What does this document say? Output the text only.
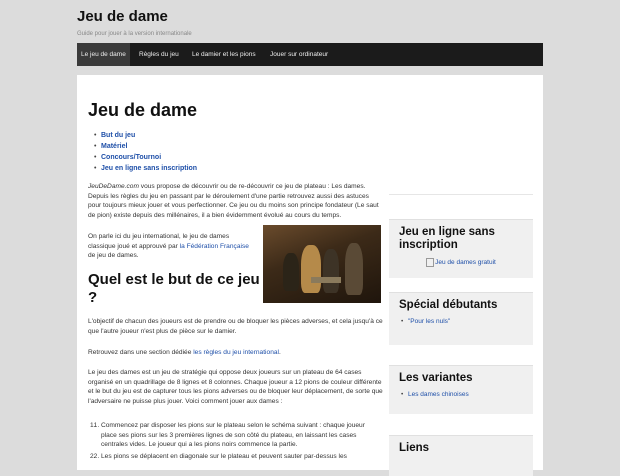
Jeu de dame
Guide pour jouer à la version internationale
Le jeu de dame	Règles du jeu	Le damier et les pions	Jouer sur ordinateur
Jeu de dame
• But du jeu
• Matériel
• Concours/Tournoi
• Jeu en ligne sans inscription

JeuDeDame.com vous propose de découvrir ou de re-découvrir ce jeu de plateau : Les dames. Depuis les règles du jeu en passant par le déroulement d'une partie retrouvez aussi des astuces pour toujours mieux jouer et vous perfectionner. Ce jeu ou du moins son principe fondateur (Le saut de pion) existe depuis des millénaires, il a bien évidemment évolué au cours du temps.

On parle ici du jeu international, le jeu de dames classique joué et approuvé par la Fédération Française de jeu de dames.

Quel est le but de ce jeu ?

L'objectif de chacun des joueurs est de prendre ou de bloquer les pièces adverses, et cela jusqu'à ce que l'autre joueur n'est plus de pièce sur le damier.

Retrouvez dans une section dédiée les règles du jeu international.

Le jeu des dames est un jeu de stratégie qui oppose deux joueurs sur un plateau de 64 cases organisé en un quadrillage de 8 lignes et 8 colonnes. Chaque joueur a 12 pions de couleur différente et le but du jeu est de capturer tous les pions adverses ou de bloquer leur déplacement, de sorte que l'adversaire ne puisse plus jouer. Voici comment jouer aux dames :

1. 1. Commencez par disposer les pions sur le plateau selon le schéma suivant : chaque joueur place ses pions sur les 3 premières lignes de son côté du plateau, en laissant les cases centrales vides. Le joueur qui a les pions noirs commence la partie.
2. 2. Les pions se déplacent en diagonale sur le plateau et peuvent sauter par-dessus les
Jeu en ligne sans inscription
Jeu de dames gratuit
Spécial débutants
• "Pour les nuls"
Les variantes
• Les dames chinoises
Liens
